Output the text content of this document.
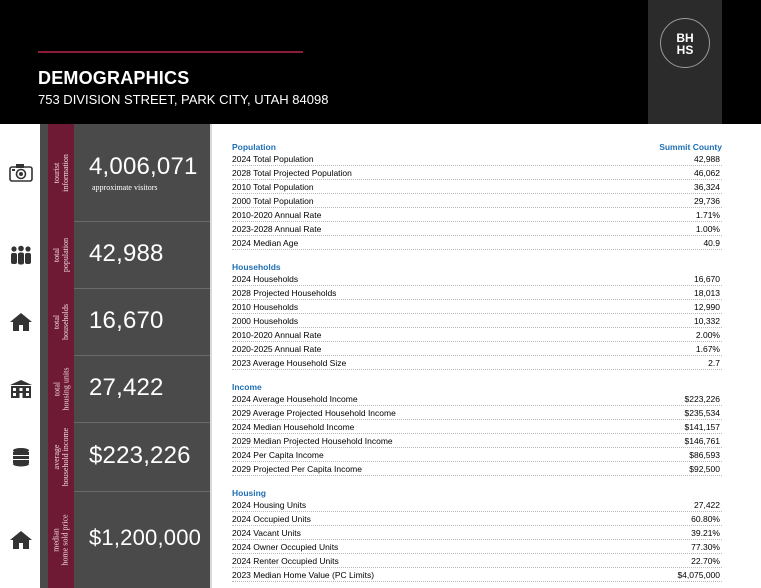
DEMOGRAPHICS
753 DIVISION STREET, PARK CITY, UTAH 84098
BH
HS
tourist information 4,006,071
approximate visitors
total population 42,988
total households 16,670
total housing units 27,422
average household income $223,226
median home sold price $1,200,000
Population	Summit County
2024 Total Population	42,988
2028 Total Projected Population	46,062
2010 Total Population	36,324
2000 Total Population	29,736
2010-2020 Annual Rate	1.71%
2023-2028 Annual Rate	1.00%
2024 Median Age	40.9
Households
2024 Households	16,670
2028 Projected Households	18,013
2010 Households	12,990
2000 Households	10,332
2010-2020 Annual Rate	2.00%
2020-2025 Annual Rate	1.67%
2023 Average Household Size	2.7
Income
2024 Average Household Income	$223,226
2029 Average Projected Household Income	$235,534
2024 Median Household Income	$141,157
2029 Median Projected Household Income	$146,761
2024 Per Capita Income	$86,593
2029 Projected Per Capita Income	$92,500
Housing
2024 Housing Units	27,422
2024 Occupied Units	60.80%
2024 Vacant Units	39.21%
2024 Owner Occupied Units	77.30%
2024 Renter Occupied Units	22.70%
2023 Median Home Value (PC Limits)	$4,075,000
